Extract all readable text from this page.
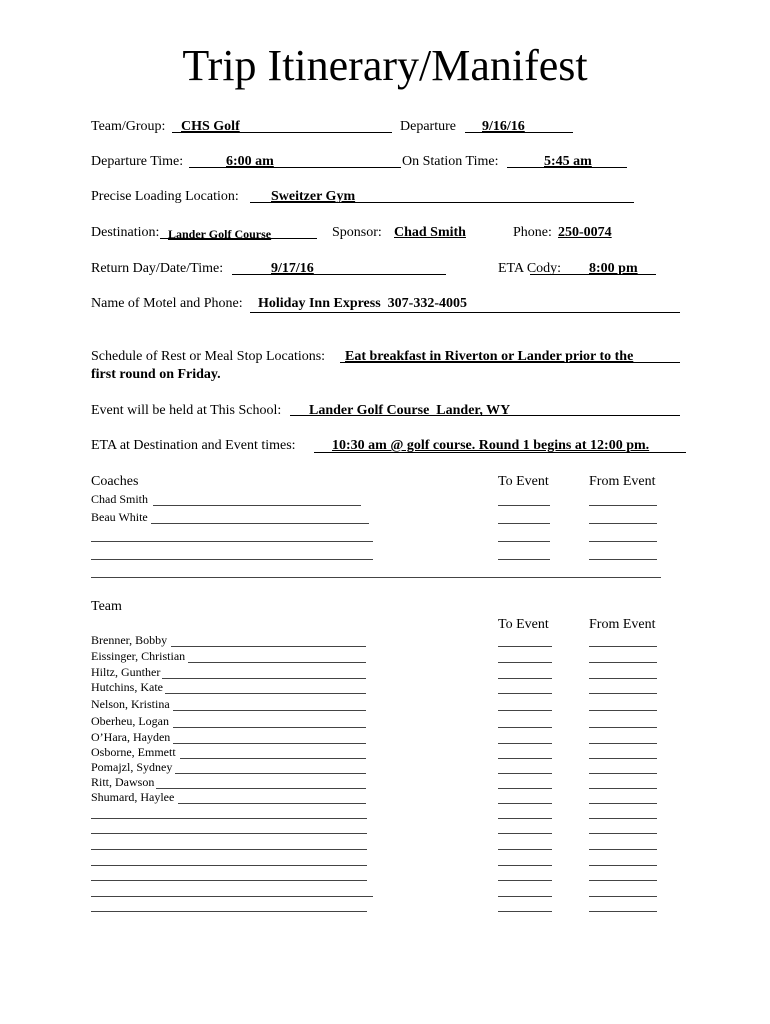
Trip Itinerary/Manifest
Team/Group: CHS Golf	Departure 9/16/16
Departure Time:	6:00 am	On Station Time:	5:45 am
Precise Loading Location: Sweitzer Gym
Destination: Lander Golf Course	Sponsor: Chad Smith	Phone: 250-0074
Return Day/Date/Time:	9/17/16	ETA Cody: 8:00 pm
Name of Motel and Phone: Holiday Inn Express  307-332-4005
Schedule of Rest or Meal Stop Locations: Eat breakfast in Riverton or Lander prior to the
first round on Friday.
Event will be held at This School: Lander Golf Course  Lander, WY
ETA at Destination and Event times:	10:30 am @ golf course. Round 1 begins at 12:00 pm.
Coaches	To Event	From Event
Chad Smith
Beau White
Team
To Event	From Event
Brenner, Bobby
Eissinger, Christian
Hiltz, Gunther
Hutchins, Kate
Nelson, Kristina
Oberheu, Logan
O’Hara, Hayden
Osborne, Emmett
Pomajzl, Sydney
Ritt, Dawson
Shumard, Haylee
